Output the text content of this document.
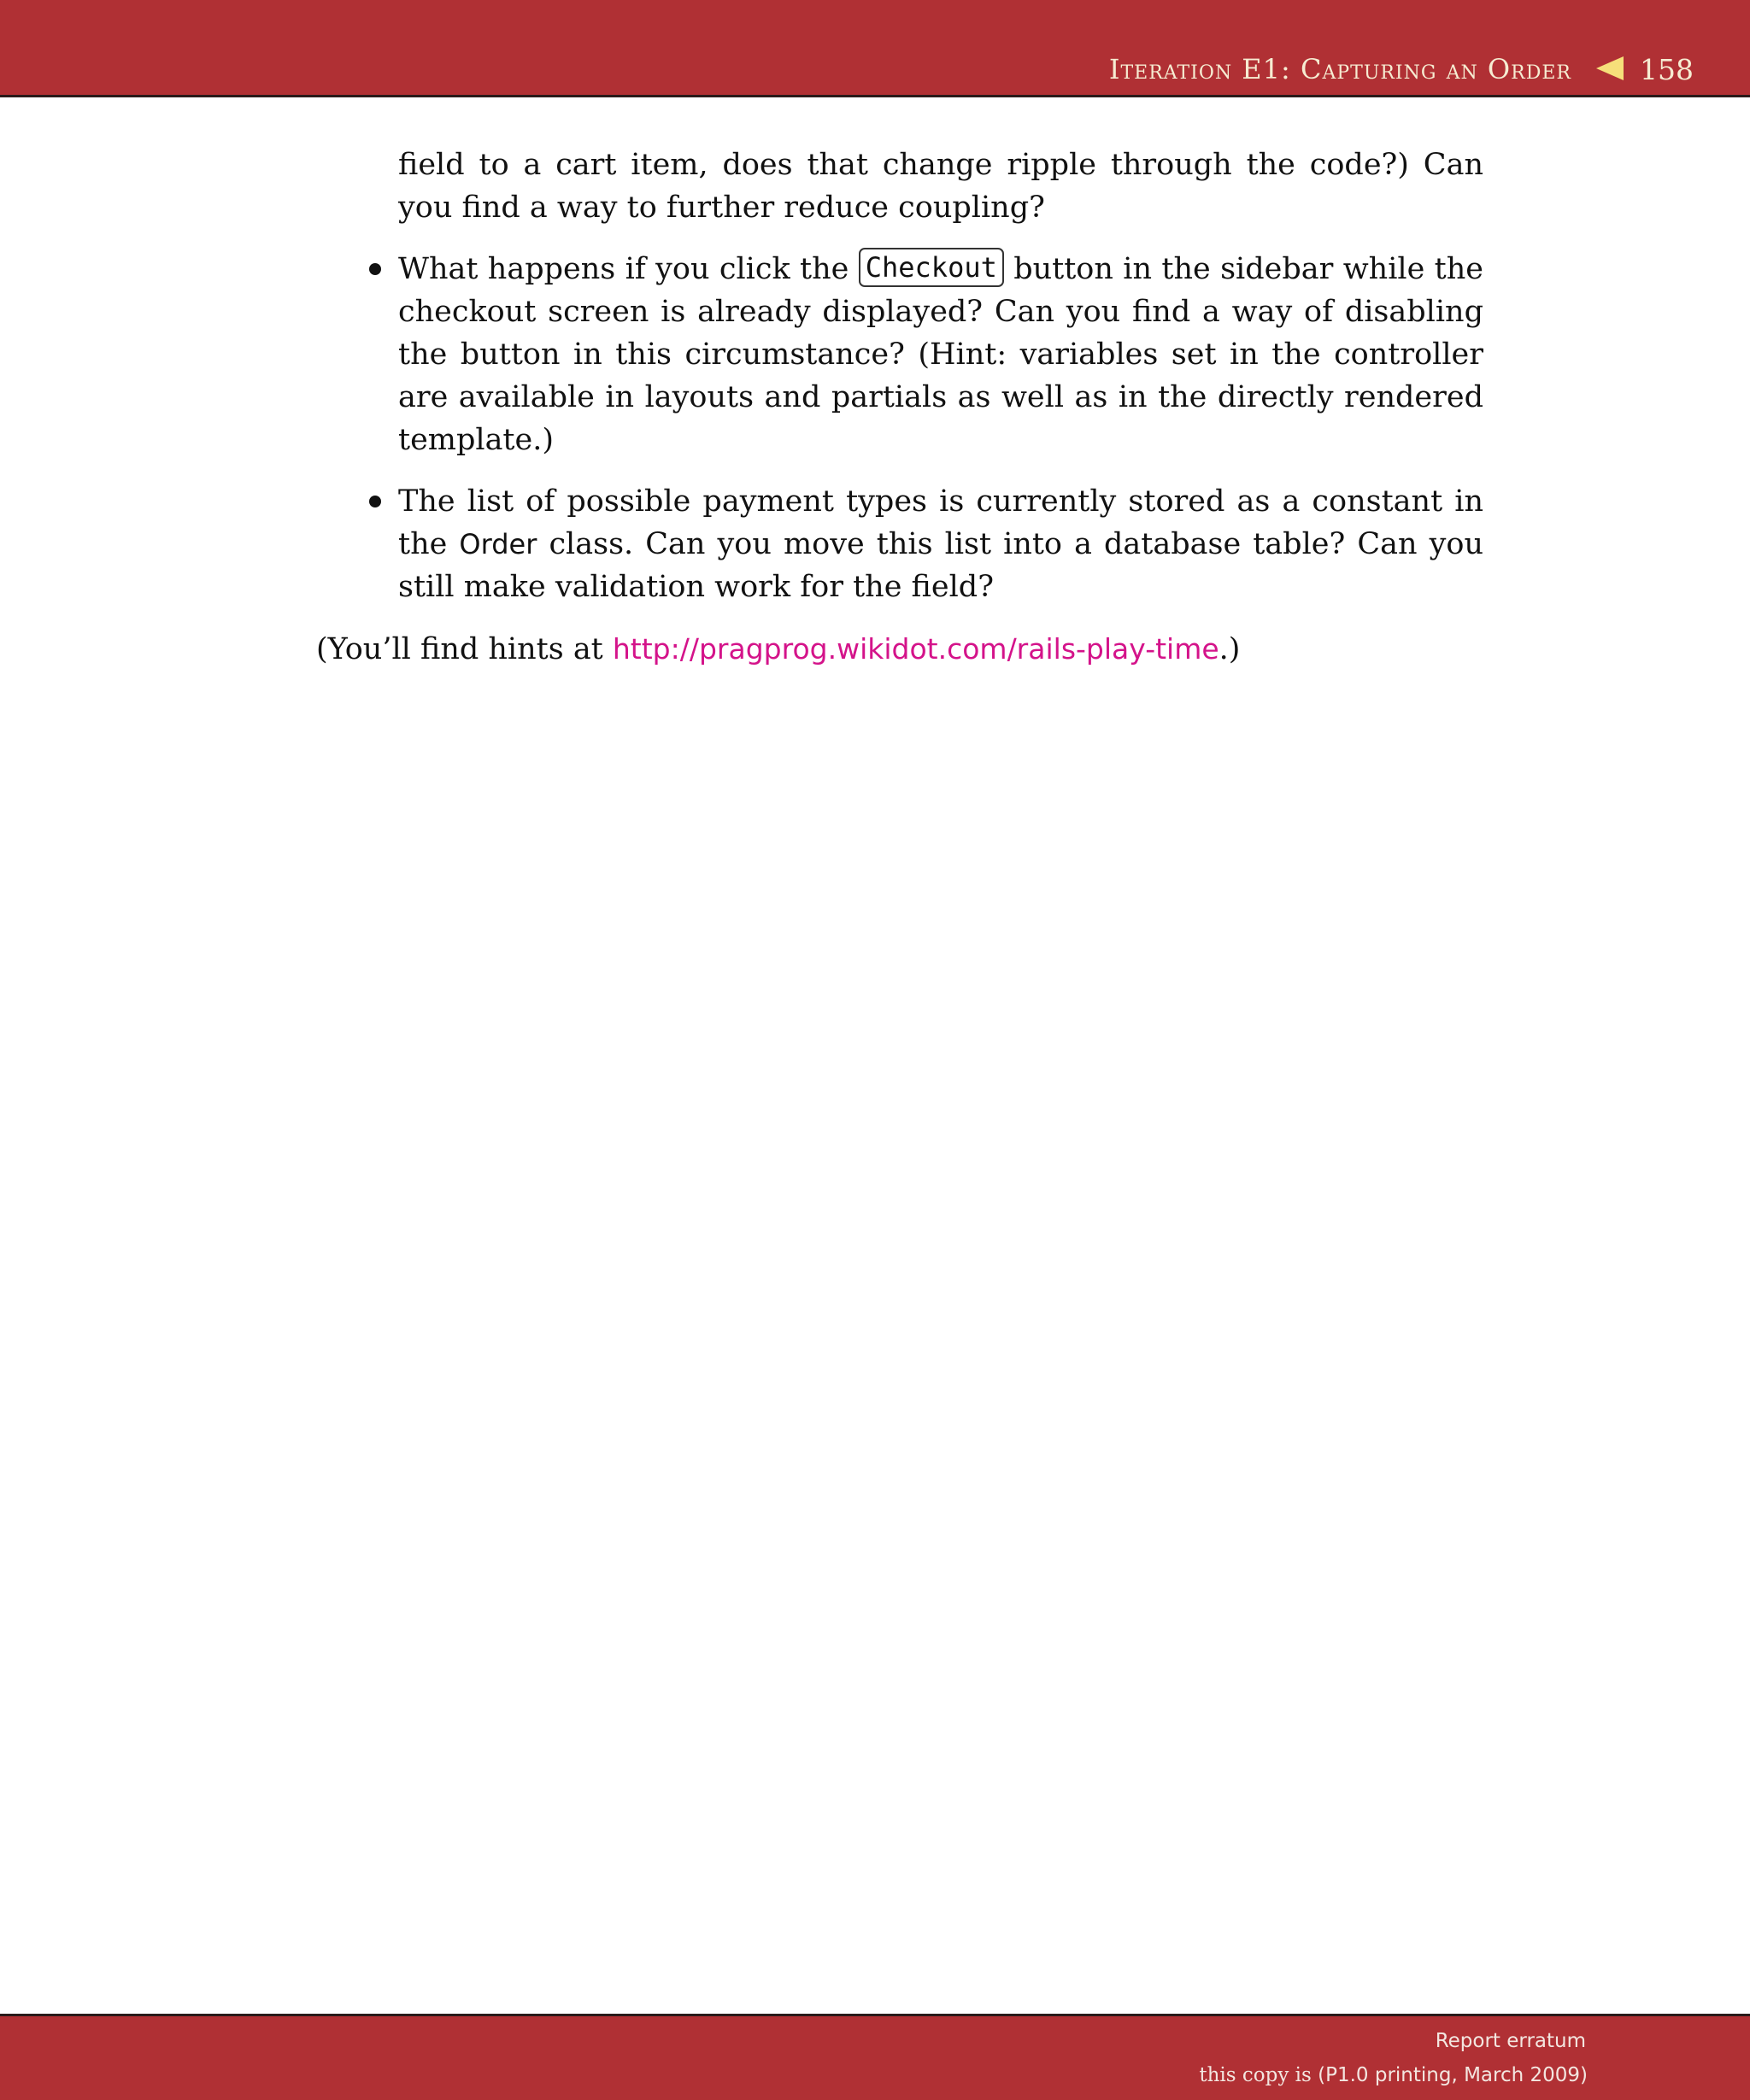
Iteration E1: Capturing an Order 158
field to a cart item, does that change ripple through the code?) Can you find a way to further reduce coupling?
What happens if you click the Checkout button in the sidebar while the checkout screen is already displayed? Can you find a way of disabling the button in this circumstance? (Hint: variables set in the controller are available in layouts and partials as well as in the directly rendered template.)
The list of possible payment types is currently stored as a constant in the Order class. Can you move this list into a database table? Can you still make validation work for the field?
(You’ll find hints at http://pragprog.wikidot.com/rails-play-time.)
Report erratum
this copy is (P1.0 printing, March 2009)
